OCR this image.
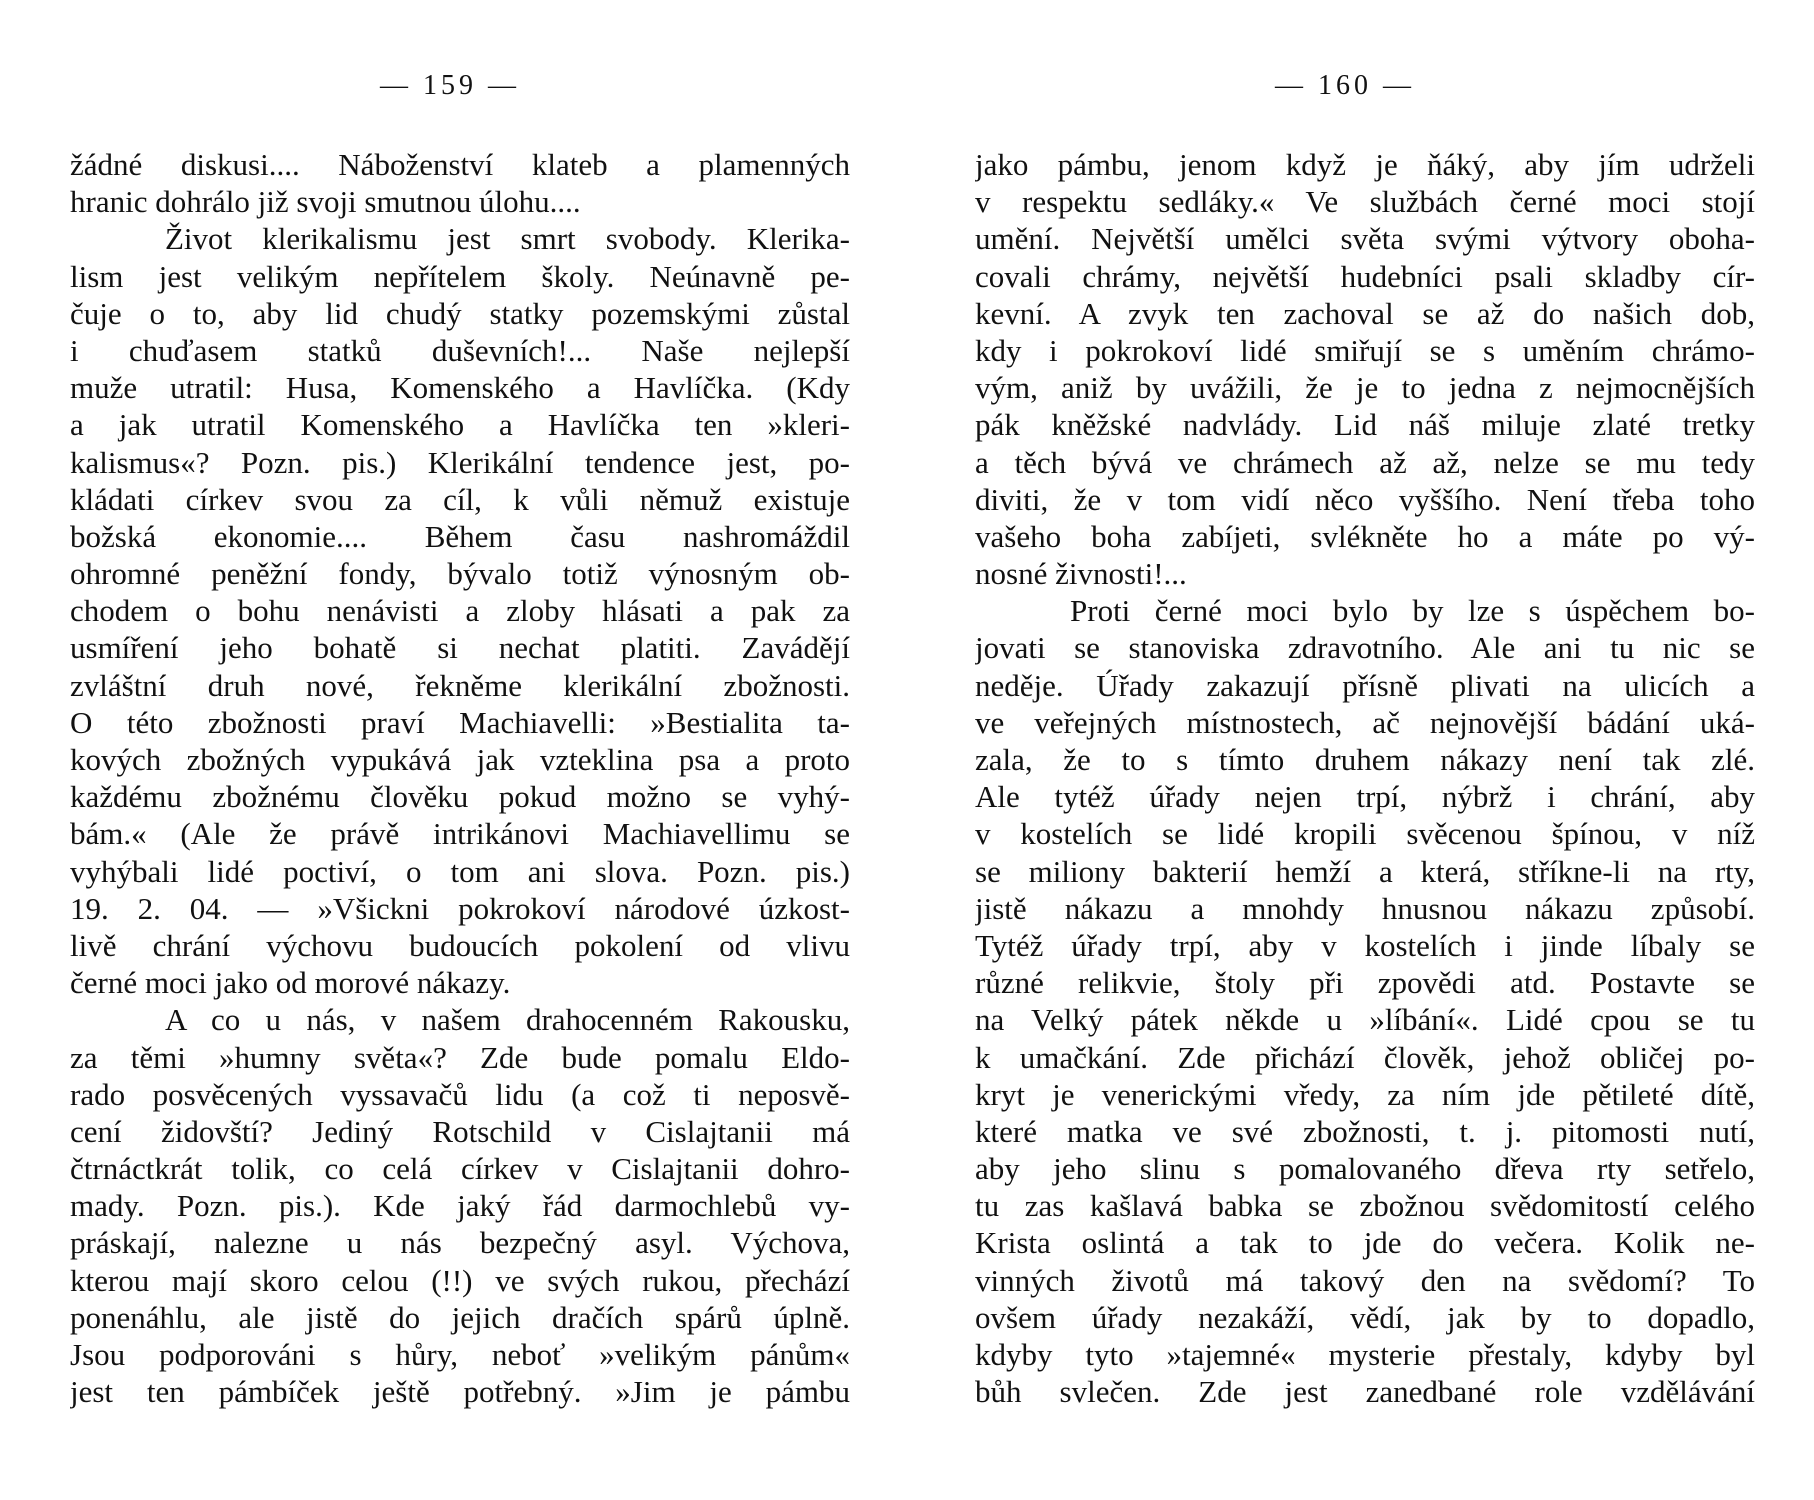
— 159 —
žádné diskusi.... Náboženství klateb a plamenných
hranic dohrálo již svoji smutnou úlohu....
Život klerikalismu jest smrt svobody. Klerika-
lism jest velikým nepřítelem školy. Neúnavně pe-
čuje o to, aby lid chudý statky pozemskými zůstal
i chuďasem statků duševních!... Naše nejlepší
muže utratil: Husa, Komenského a Havlíčka. (Kdy
a jak utratil Komenského a Havlíčka ten »kleri-
kalismus«? Pozn. pis.) Klerikální tendence jest, po-
kládati církev svou za cíl, k vůli němuž existuje
božská ekonomie.... Během času nashromáždil
ohromné peněžní fondy, bývalo totiž výnosným ob-
chodem o bohu nenávisti a zloby hlásati a pak za
usmíření jeho bohatě si nechat platiti. Zavádějí
zvláštní druh nové, řekněme klerikální zbožnosti.
O této zbožnosti praví Machiavelli: »Bestialita ta-
kových zbožných vypukává jak vzteklina psa a proto
každému zbožnému člověku pokud možno se vyhý-
bám.« (Ale že právě intrikánovi Machiavellimu se
vyhýbali lidé poctiví, o tom ani slova. Pozn. pis.)
19. 2. 04. — »Všickni pokrokoví národové úzkost-
livě chrání výchovu budoucích pokolení od vlivu
černé moci jako od morové nákazy.
A co u nás, v našem drahocenném Rakousku,
za těmi »humny světa«? Zde bude pomalu Eldo-
rado posvěcených vyssavačů lidu (a což ti neposvě-
cení židovští? Jediný Rotschild v Cislajtanii má
čtrnáctkrát tolik, co celá církev v Cislajtanii dohro-
mady. Pozn. pis.). Kde jaký řád darmochlebů vy-
práskají, nalezne u nás bezpečný asyl. Výchova,
kterou mají skoro celou (!!) ve svých rukou, přechází
ponenáhlu, ale jistě do jejich dračích spárů úplně.
Jsou podporováni s hůry, neboť »velikým pánům«
jest ten pámbíček ještě potřebný. »Jim je pámbu
— 160 —
jako pámbu, jenom když je ňáký, aby jím udrželi
v respektu sedláky.« Ve službách černé moci stojí
umění. Největší umělci světa svými výtvory oboha-
covali chrámy, největší hudebníci psali skladby cír-
kevní. A zvyk ten zachoval se až do našich dob,
kdy i pokrokoví lidé smiřují se s uměním chrámo-
vým, aniž by uvážili, že je to jedna z nejmocnějších
pák kněžské nadvlády. Lid náš miluje zlaté tretky
a těch bývá ve chrámech až až, nelze se mu tedy
diviti, že v tom vidí něco vyššího. Není třeba toho
vašeho boha zabíjeti, svlékněte ho a máte po vý-
nosné živnosti!...
Proti černé moci bylo by lze s úspěchem bo-
jovati se stanoviska zdravotního. Ale ani tu nic se
neděje. Úřady zakazují přísně plivati na ulicích a
ve veřejných místnostech, ač nejnovější bádání uká-
zala, že to s tímto druhem nákazy není tak zlé.
Ale tytéž úřady nejen trpí, nýbrž i chrání, aby
v kostelích se lidé kropili svěcenou špínou, v níž
se miliony bakterií hemží a která, stříkne-li na rty,
jistě nákazu a mnohdy hnusnou nákazu způsobí.
Tytéž úřady trpí, aby v kostelích i jinde líbaly se
různé relikvie, štoly při zpovědi atd. Postavte se
na Velký pátek někde u »líbání«. Lidé cpou se tu
k umačkání. Zde přichází člověk, jehož obličej po-
kryt je venerickými vředy, za ním jde pětileté dítě,
které matka ve své zbožnosti, t. j. pitomosti nutí,
aby jeho slinu s pomalovaného dřeva rty setřelo,
tu zas kašlavá babka se zbožnou svědomitostí celého
Krista oslintá a tak to jde do večera. Kolik ne-
vinných životů má takový den na svědomí? To
ovšem úřady nezakáží, vědí, jak by to dopadlo,
kdyby tyto »tajemné« mysterie přestaly, kdyby byl
bůh svlečen. Zde jest zanedbané role vzdělávání
